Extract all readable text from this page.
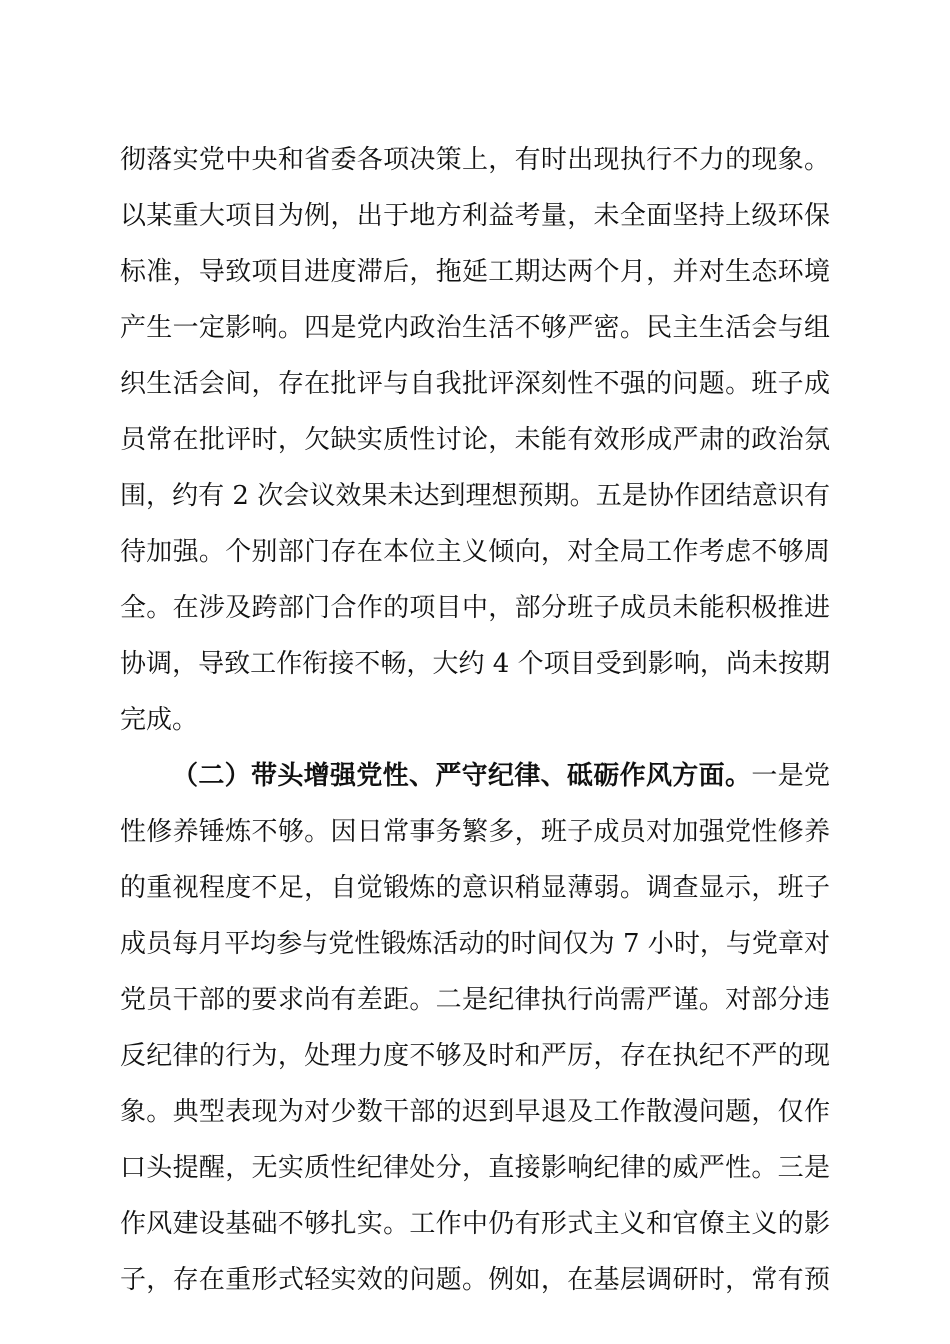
彻落实党中央和省委各项决策上，有时出现执行不力的现象。
以某重大项目为例，出于地方利益考量，未全面坚持上级环保
标准，导致项目进度滞后，拖延工期达两个月，并对生态环境
产生一定影响。四是党内政治生活不够严密。民主生活会与组
织生活会间，存在批评与自我批评深刻性不强的问题。班子成
员常在批评时，欠缺实质性讨论，未能有效形成严肃的政治氛
围，约有 2 次会议效果未达到理想预期。五是协作团结意识有
待加强。个别部门存在本位主义倾向，对全局工作考虑不够周
全。在涉及跨部门合作的项目中，部分班子成员未能积极推进
协调，导致工作衔接不畅，大约 4 个项目受到影响，尚未按期
完成。
（二）带头增强党性、严守纪律、砥砺作风方面。一是党
性修养锤炼不够。因日常事务繁多，班子成员对加强党性修养
的重视程度不足，自觉锻炼的意识稍显薄弱。调查显示，班子
成员每月平均参与党性锻炼活动的时间仅为 7 小时，与党章对
党员干部的要求尚有差距。二是纪律执行尚需严谨。对部分违
反纪律的行为，处理力度不够及时和严厉，存在执纪不严的现
象。典型表现为对少数干部的迟到早退及工作散漫问题，仅作
口头提醒，无实质性纪律处分，直接影响纪律的威严性。三是
作风建设基础不够扎实。工作中仍有形式主义和官僚主义的影
子，存在重形式轻实效的问题。例如，在基层调研时，常有预
